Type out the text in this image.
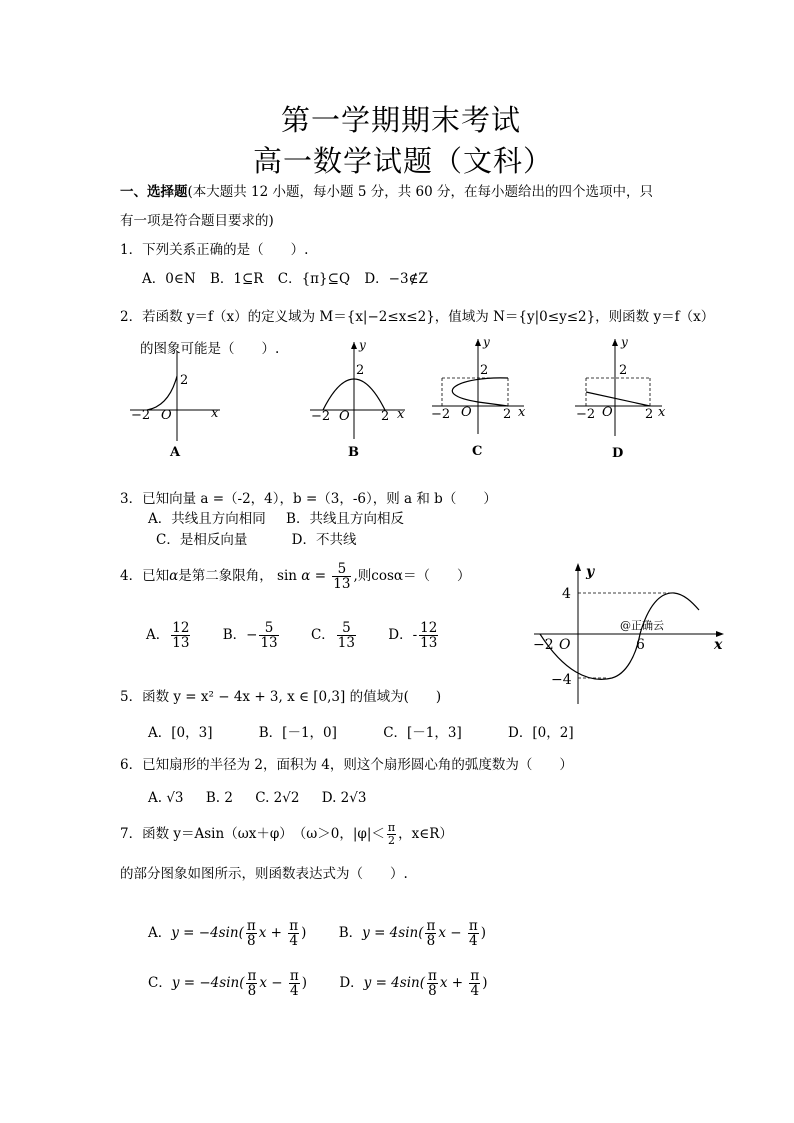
第一学期期末考试
高一数学试题（文科）
一、选择题(本大题共 12 小题，每小题 5 分，共 60 分，在每小题给出的四个选项中，只
有一项是符合题目要求的)
1．下列关系正确的是（　　）.
A．0∈N B．1⊆R C．{π}⊆Q D．−3∉Z
2．若函数 y＝f（x）的定义域为 M＝{x|−2≤x≤2}，值域为 N＝{y|0≤y≤2}，则函数 y＝f（x）
的图象可能是（　　）.
−2 O	x
2
A
y
2
−2 O 2 x
B
y
2
−2 O 2 x
C
y
2
−2 O 2 x
D
3．已知向量 a =（-2，4），b =（3，-6），则 a 和 b（　　）
A．共线且方向相同 B．共线且方向相反
C．是相反向量	D．不共线
4．已知α是第二象限角， $\sin \alpha = \frac{5}{13}$ ,则cosα＝（　　）
A． $\frac{12}{13}$ B．− $\frac{5}{13}$ C． $\frac{5}{13}$ D．- $\frac{12}{13}$
y
4
−2 O	6	x
−4
@正确云
5．函数 y = x² − 4x + 3, x ∈ [0,3] 的值域为(　　)
A．[0，3]	B．[－1，0]	C．[－1，3]	D．[0，2]
6．已知扇形的半径为 2，面积为 4，则这个扇形圆心角的弧度数为（　　）
A. √3 B. 2 C. 2√2 D. 2√3
7．函数 y＝Asin（ωx＋φ）　（ω＞0，$|\varphi|< \frac{\pi}{2}$ ，x∈R）
的部分图象如图所示，则函数表达式为（　　）.
A．$y = -4\sin( \frac{\pi}{8}$ $x + \frac{\pi}{4}$ ) B．$y = 4\sin( \frac{\pi}{8}$ $x - \frac{\pi}{4}$ )
C．$y = -4\sin( \frac{\pi}{8}$ $x - \frac{\pi}{4}$ ) D．$y = 4\sin( \frac{\pi}{8}$ $x + \frac{\pi}{4}$ )
